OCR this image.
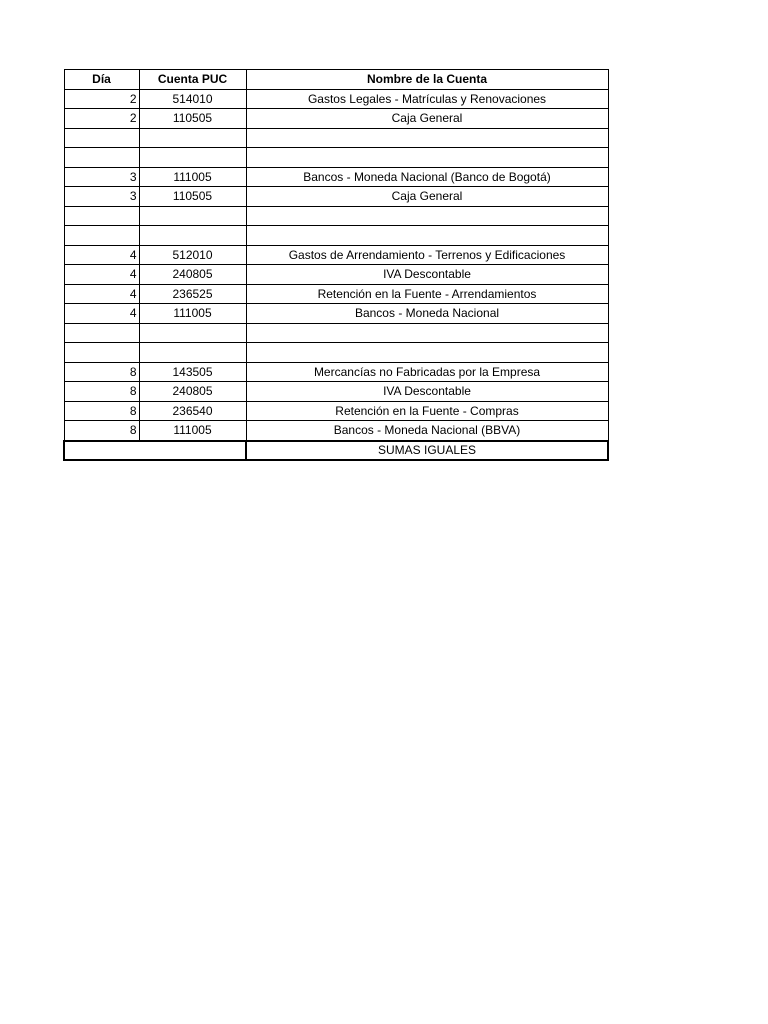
Día	Cuenta PUC	Nombre de la Cuenta
2	514010	Gastos Legales - Matrículas y Renovaciones
2	110505	Caja General

3	111005	Bancos - Moneda Nacional (Banco de Bogotá)
3	110505	Caja General

4	512010	Gastos de Arrendamiento - Terrenos y Edificaciones
4	240805	IVA Descontable
4	236525	Retención en la Fuente - Arrendamientos
4	111005	Bancos - Moneda Nacional

8	143505	Mercancías no Fabricadas por la Empresa
8	240805	IVA Descontable
8	236540	Retención en la Fuente - Compras
8	111005	Bancos - Moneda Nacional (BBVA)
		SUMAS IGUALES
